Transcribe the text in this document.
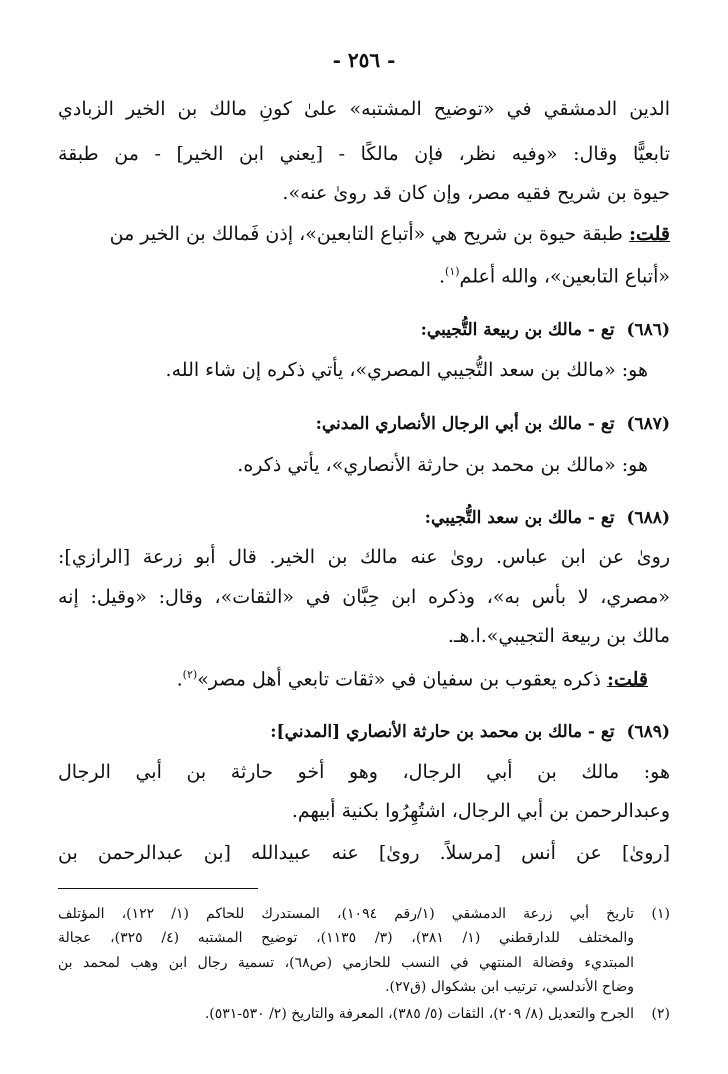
- ٢٥٦ -
الدين الدمشقي في «توضيح المشتبه» علىٰ كونِ مالك بن الخير الزبادي
تابعيًّا وقال: «وفيه نظر، فإن مالكًا - [يعني ابن الخير] - من طبقة
حيوة بن شريح فقيه مصر، وإن كان قد روىٰ عنه».
قلت: طبقة حيوة بن شريح هي «أتباع التابعين»، إذن فَمالك بن الخير من
«أتباع التابعين»، والله أعلم$^{(١)}$.
(٦٨٦)  تع - مالك بن ربيعة التُّجيبي:
هو: «مالك بن سعد التُّجيبي المصري»، يأتي ذكره إن شاء الله.
(٦٨٧)  تع - مالك بن أبي الرجال الأنصاري المدني:
هو: «مالك بن محمد بن حارثة الأنصاري»، يأتي ذكره.
(٦٨٨)  تع - مالك بن سعد التُّجيبي:
روىٰ عن ابن عباس. روىٰ عنه مالك بن الخير. قال أبو زرعة [الرازي]:
«مصري، لا بأس به»، وذكره ابن حِبَّان في «الثقات»، وقال: «وقيل: إنه
مالك بن ربيعة التجيبي».ا.هـ.
قلت: ذكره يعقوب بن سفيان في «ثقات تابعي أهل مصر»$^{(٢)}$.
(٦٨٩)  تع - مالك بن محمد بن حارثة الأنصاري [المدني]:
هو: مالك بن أبي الرجال، وهو أخو حارثة بن أبي الرجال
وعبدالرحمن بن أبي الرجال، اشتُهِرُوا بكنية أبيهم.
[روىٰ] عن أنس [مرسلاً. روىٰ] عنه عبيدالله [بن عبدالرحمن بن
(١)
تاريخ أبي زرعة الدمشقي (١/رقم ١٠٩٤)، المستدرك للحاكم (١/ ١٢٢)، المؤتلف
والمختلف للدارقطني (١/ ٣٨١)، (٣/ ١١٣٥)، توضيح المشتبه (٤/ ٣٢٥)، عجالة
المبتديء وفضالة المنتهي في النسب للحازمي (ص٦٨)، تسمية رجال ابن وهب لمحمد بن
وضاح الأندلسي، ترتيب ابن بشكوال (ق٢٧).
(٢)
الجرح والتعديل (٨/ ٢٠٩)، الثقات (٥/ ٣٨٥)، المعرفة والتاريخ (٢/ ٥٣٠-٥٣١).
